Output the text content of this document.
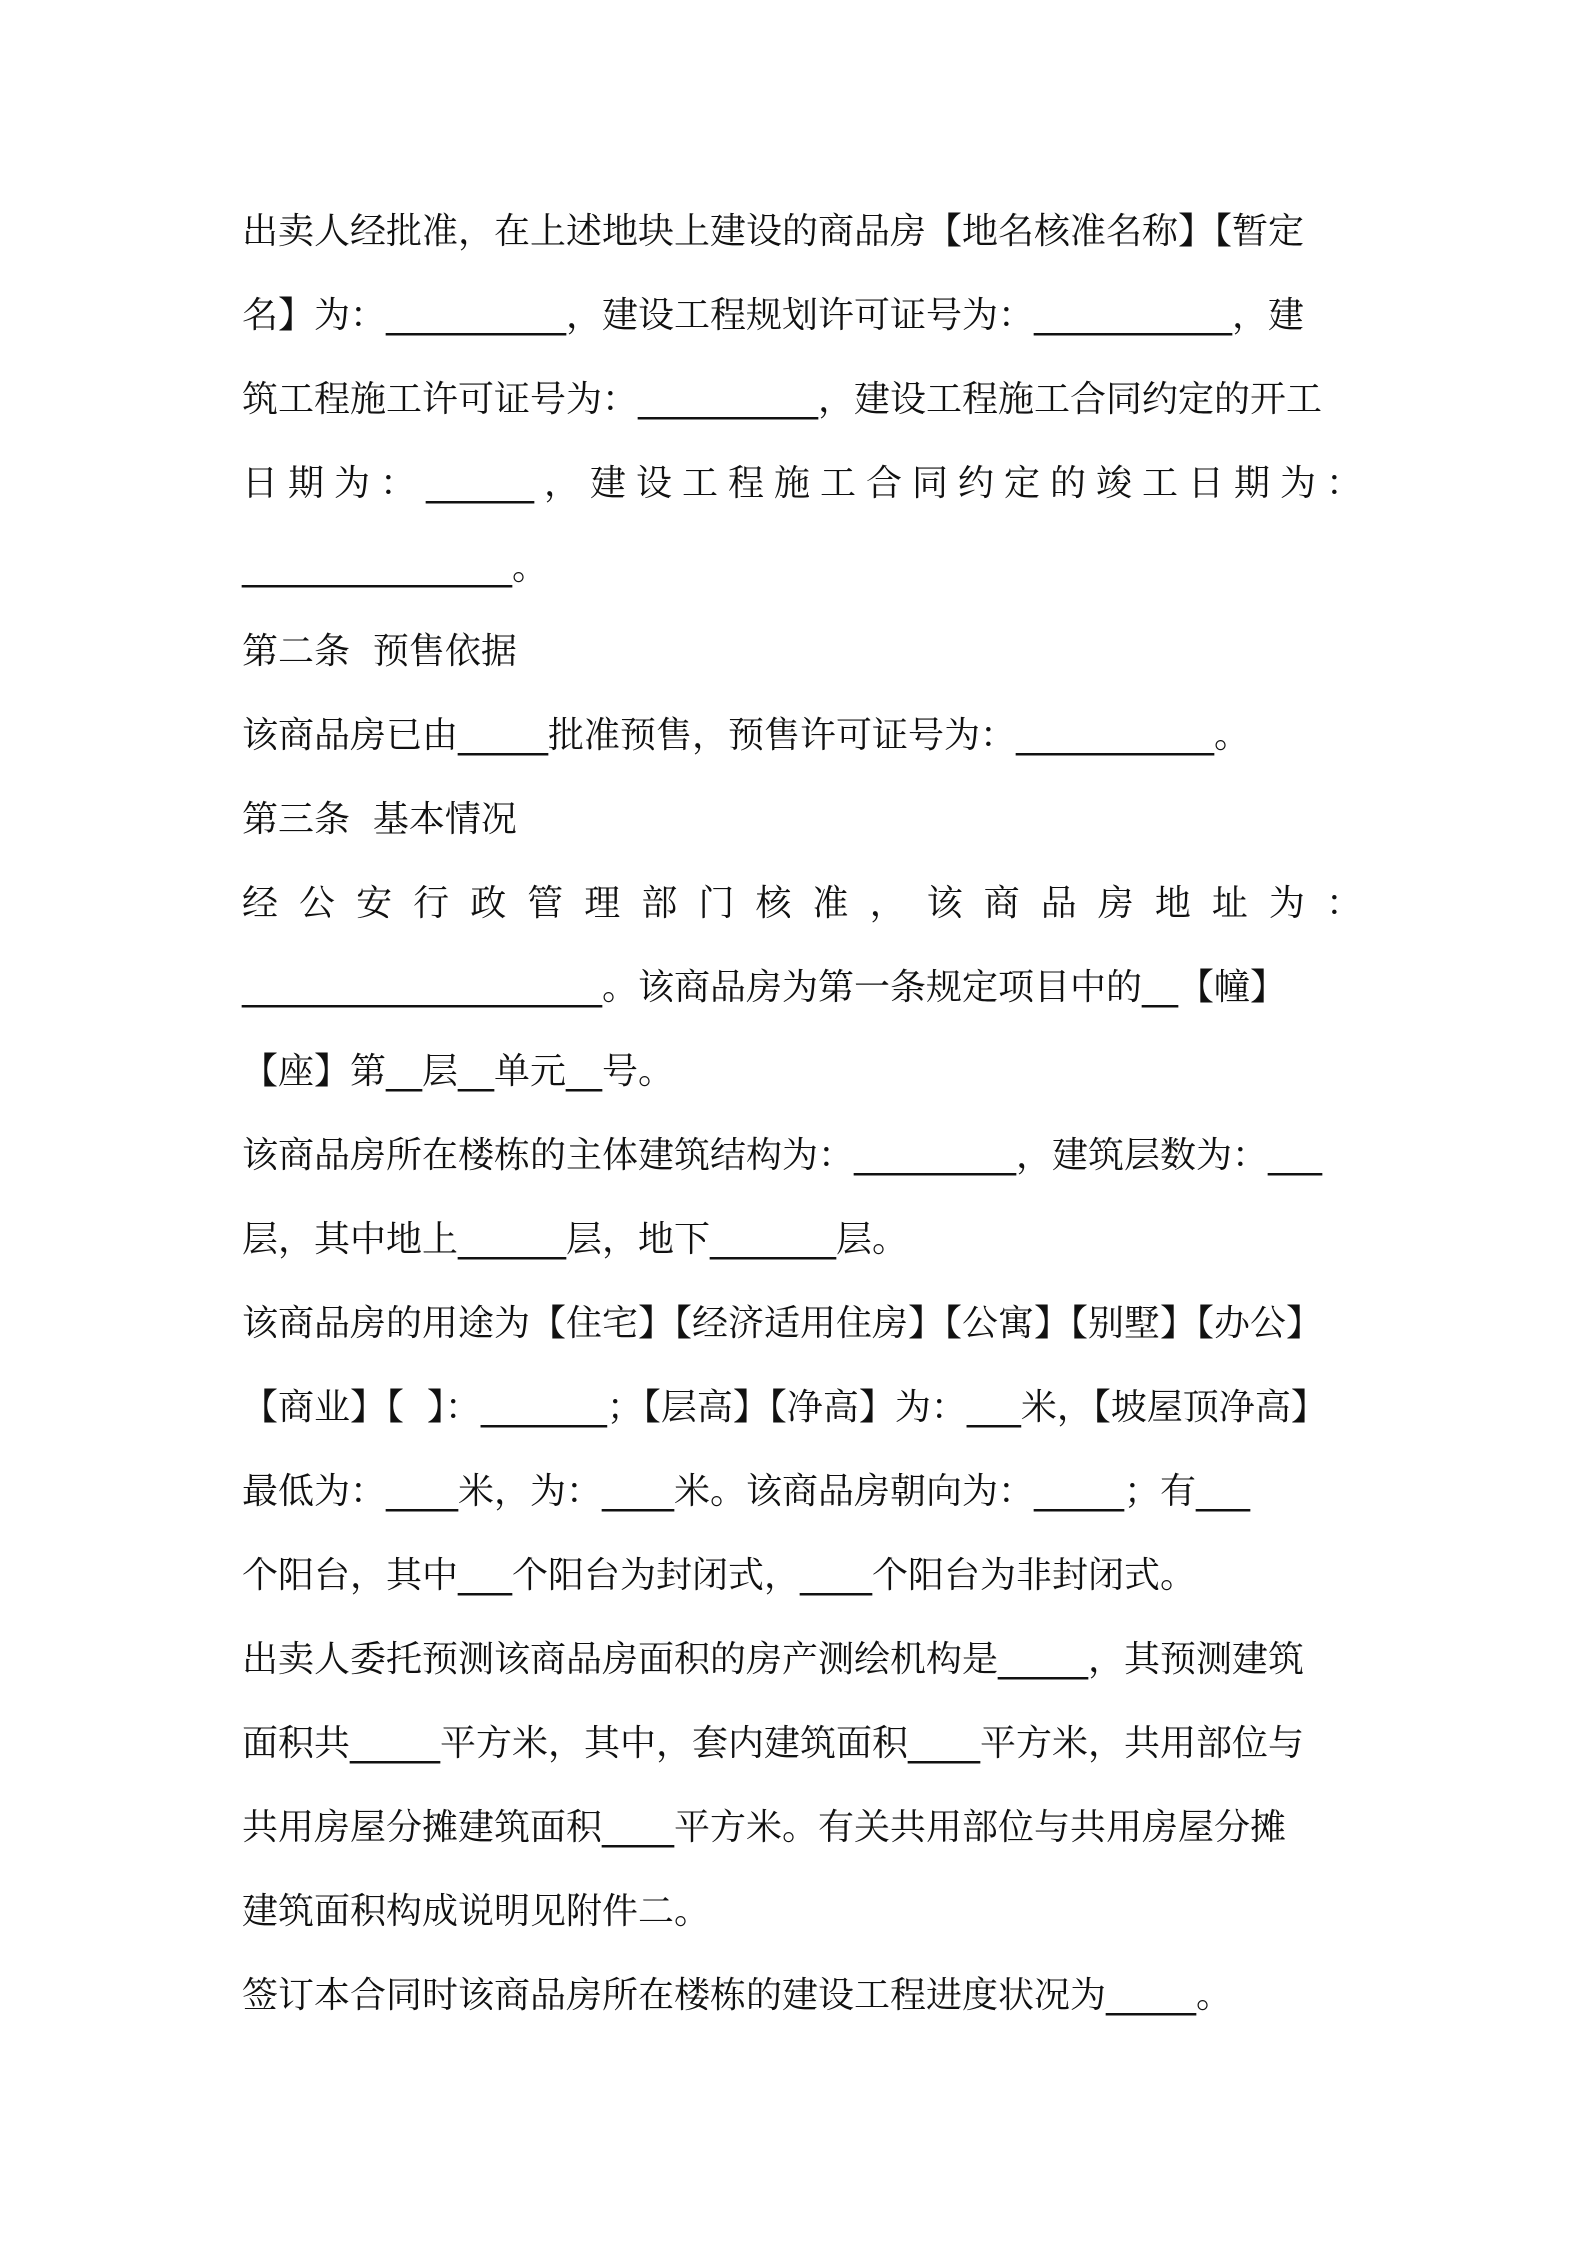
出卖人经批准，在上述地块上建设的商品房【地名核准名称】【暂定
名】为：__________，建设工程规划许可证号为：___________，建
筑工程施工许可证号为：__________，建设工程施工合同约定的开工
日期为：______，建设工程施工合同约定的竣工日期为：
_______________。
第二条  预售依据
该商品房已由_____批准预售，预售许可证号为：___________。
第三条  基本情况
经公安行政管理部门核准，该商品房地址为：
____________________。该商品房为第一条规定项目中的__【幢】
【座】第__层__单元__号。
该商品房所在楼栋的主体建筑结构为：_________，建筑层数为：___
层，其中地上______层，地下_______层。
该商品房的用途为【住宅】【经济适用住房】【公寓】【别墅】【办公】
【商业】【  】：_______；【层高】【净高】为：___米，【坡屋顶净高】
最低为：____米，为：____米。该商品房朝向为：_____；有___
个阳台，其中___个阳台为封闭式，____个阳台为非封闭式。
出卖人委托预测该商品房面积的房产测绘机构是_____，其预测建筑
面积共_____平方米，其中，套内建筑面积____平方米，共用部位与
共用房屋分摊建筑面积____平方米。有关共用部位与共用房屋分摊
建筑面积构成说明见附件二。
签订本合同时该商品房所在楼栋的建设工程进度状况为_____。
